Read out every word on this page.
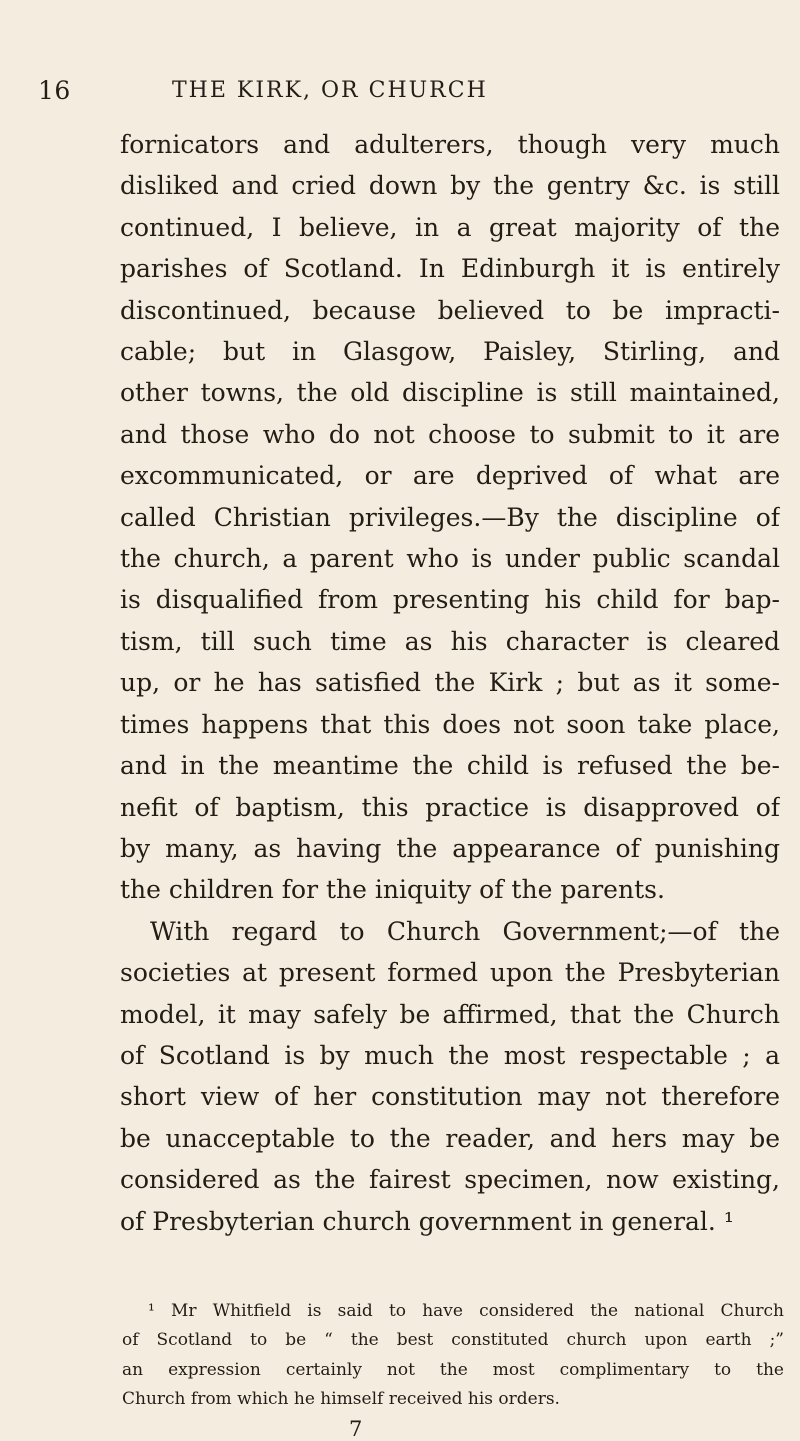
16	THE KIRK, OR CHURCH
fornicators and adulterers, though very much
disliked and cried down by the gentry &c. is still
continued, I believe, in a great majority of the
parishes of Scotland. In Edinburgh it is entirely
discontinued, because believed to be impracti-
cable; but in Glasgow, Paisley, Stirling, and
other towns, the old discipline is still maintained,
and those who do not choose to submit to it are
excommunicated, or are deprived of what are
called Christian privileges.—By the discipline of
the church, a parent who is under public scandal
is disqualified from presenting his child for bap-
tism, till such time as his character is cleared
up, or he has satisfied the Kirk ; but as it some-
times happens that this does not soon take place,
and in the meantime the child is refused the be-
nefit of baptism, this practice is disapproved of
by many, as having the appearance of punishing
the children for the iniquity of the parents.
With regard to Church Government;—of the
societies at present formed upon the Presbyterian
model, it may safely be affirmed, that the Church
of Scotland is by much the most respectable ; a
short view of her constitution may not therefore
be unacceptable to the reader, and hers may be
considered as the fairest specimen, now existing,
of Presbyterian church government in general. ¹
¹ Mr Whitfield is said to have considered the national Church
of Scotland to be “ the best constituted church upon earth ;”
an expression certainly not the most complimentary to the
Church from which he himself received his orders.
7
